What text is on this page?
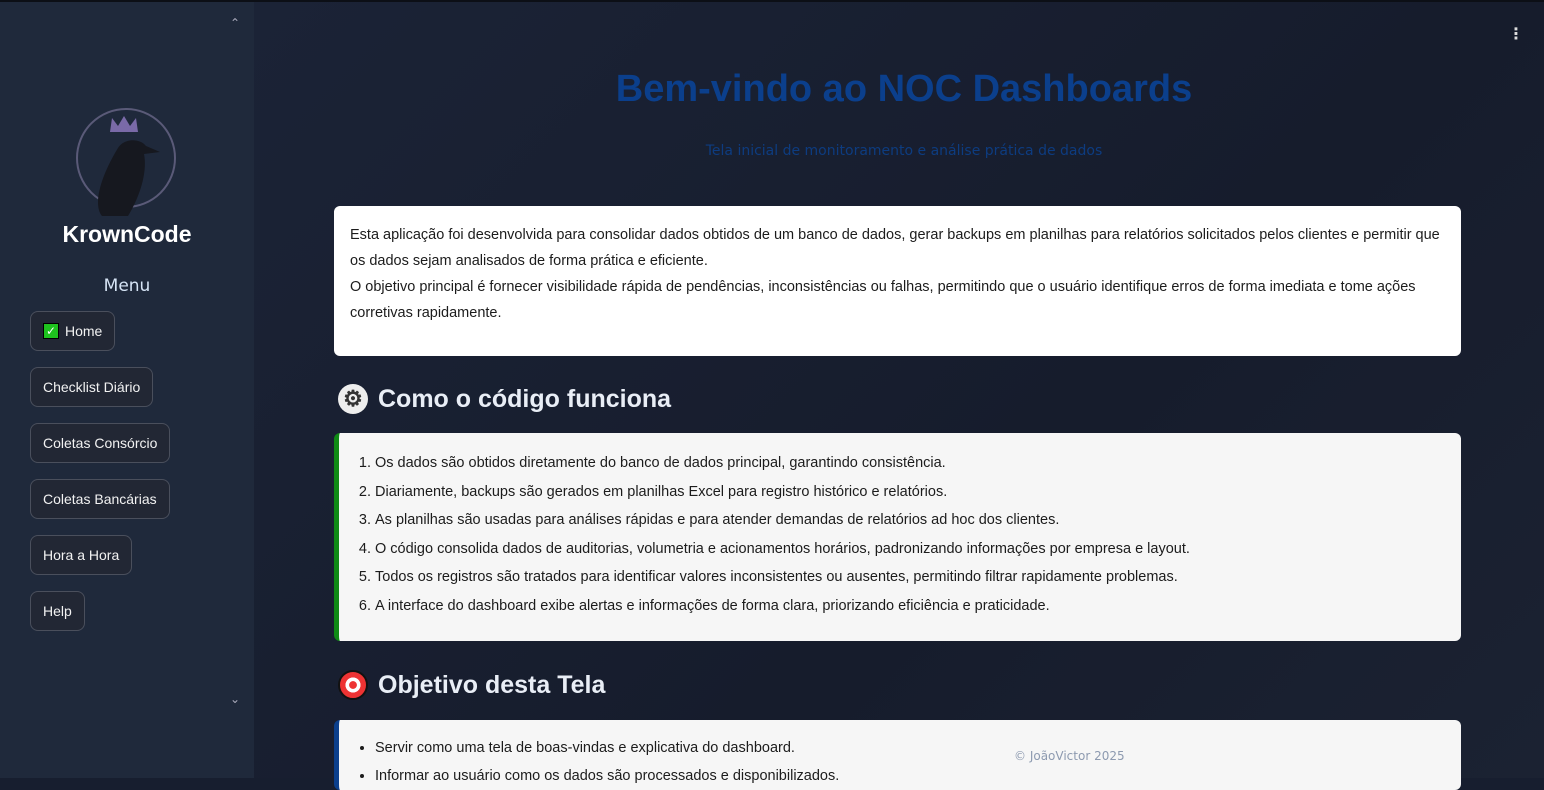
⌃
KrownCode
Menu
✓ Home
Checklist Diário
Coletas Consórcio
Coletas Bancárias
Hora a Hora
Help
⌄
⋮
Bem-vindo ao NOC Dashboards
Tela inicial de monitoramento e análise prática de dados

Esta aplicação foi desenvolvida para consolidar dados obtidos de um banco de dados, gerar backups em planilhas para relatórios solicitados pelos clientes e permitir que os dados sejam analisados de forma prática e eficiente.

O objetivo principal é fornecer visibilidade rápida de pendências, inconsistências ou falhas, permitindo que o usuário identifique erros de forma imediata e tome ações corretivas rapidamente.

⚙ Como o código funciona
1. Os dados são obtidos diretamente do banco de dados principal, garantindo consistência.
2. Diariamente, backups são gerados em planilhas Excel para registro histórico e relatórios.
3. As planilhas são usadas para análises rápidas e para atender demandas de relatórios ad hoc dos clientes.
4. O código consolida dados de auditorias, volumetria e acionamentos horários, padronizando informações por empresa e layout.
5. Todos os registros são tratados para identificar valores inconsistentes ou ausentes, permitindo filtrar rapidamente problemas.
6. A interface do dashboard exibe alertas e informações de forma clara, priorizando eficiência e praticidade.
Objetivo desta Tela
• Servir como uma tela de boas-vindas e explicativa do dashboard.
• Informar ao usuário como os dados são processados e disponibilizados.
© JoãoVictor 2025
